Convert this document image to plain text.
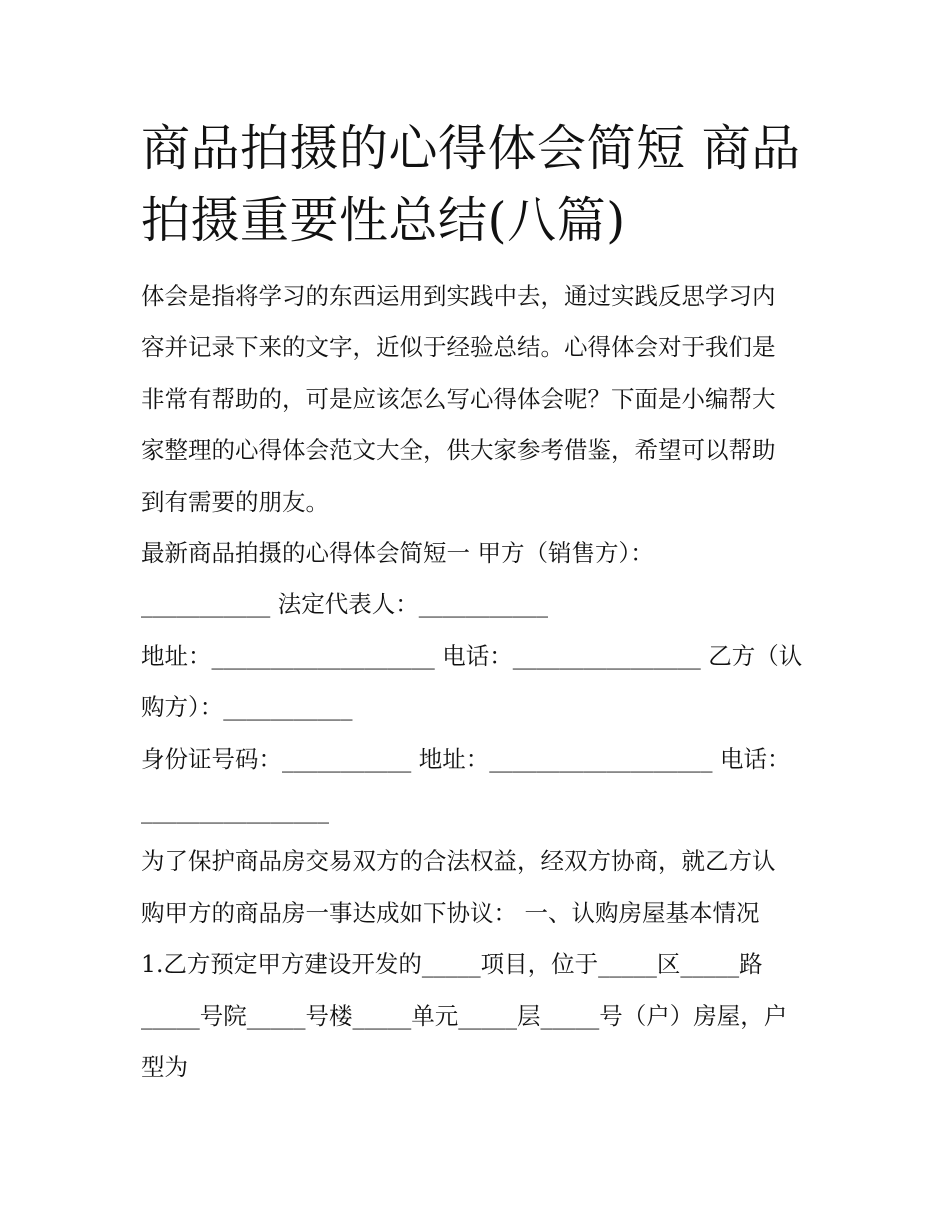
商品拍摄的心得体会简短 商品
拍摄重要性总结(八篇)

体会是指将学习的东西运用到实践中去，通过实践反思学习内
容并记录下来的文字，近似于经验总结。心得体会对于我们是
非常有帮助的，可是应该怎么写心得体会呢？下面是小编帮大
家整理的心得体会范文大全，供大家参考借鉴，希望可以帮助
到有需要的朋友。

最新商品拍摄的心得体会简短一 甲方（销售方）：

___________ 法定代表人：___________

地址：___________________ 电话：________________ 乙方（认
购方）：___________

身份证号码：___________ 地址：___________________ 电话：
________________

为了保护商品房交易双方的合法权益，经双方协商，就乙方认
购甲方的商品房一事达成如下协议： 一、认购房屋基本情况

1.乙方预定甲方建设开发的_____项目，位于_____区_____路
_____号院_____号楼_____单元_____层_____号（户）房屋，户
型为
